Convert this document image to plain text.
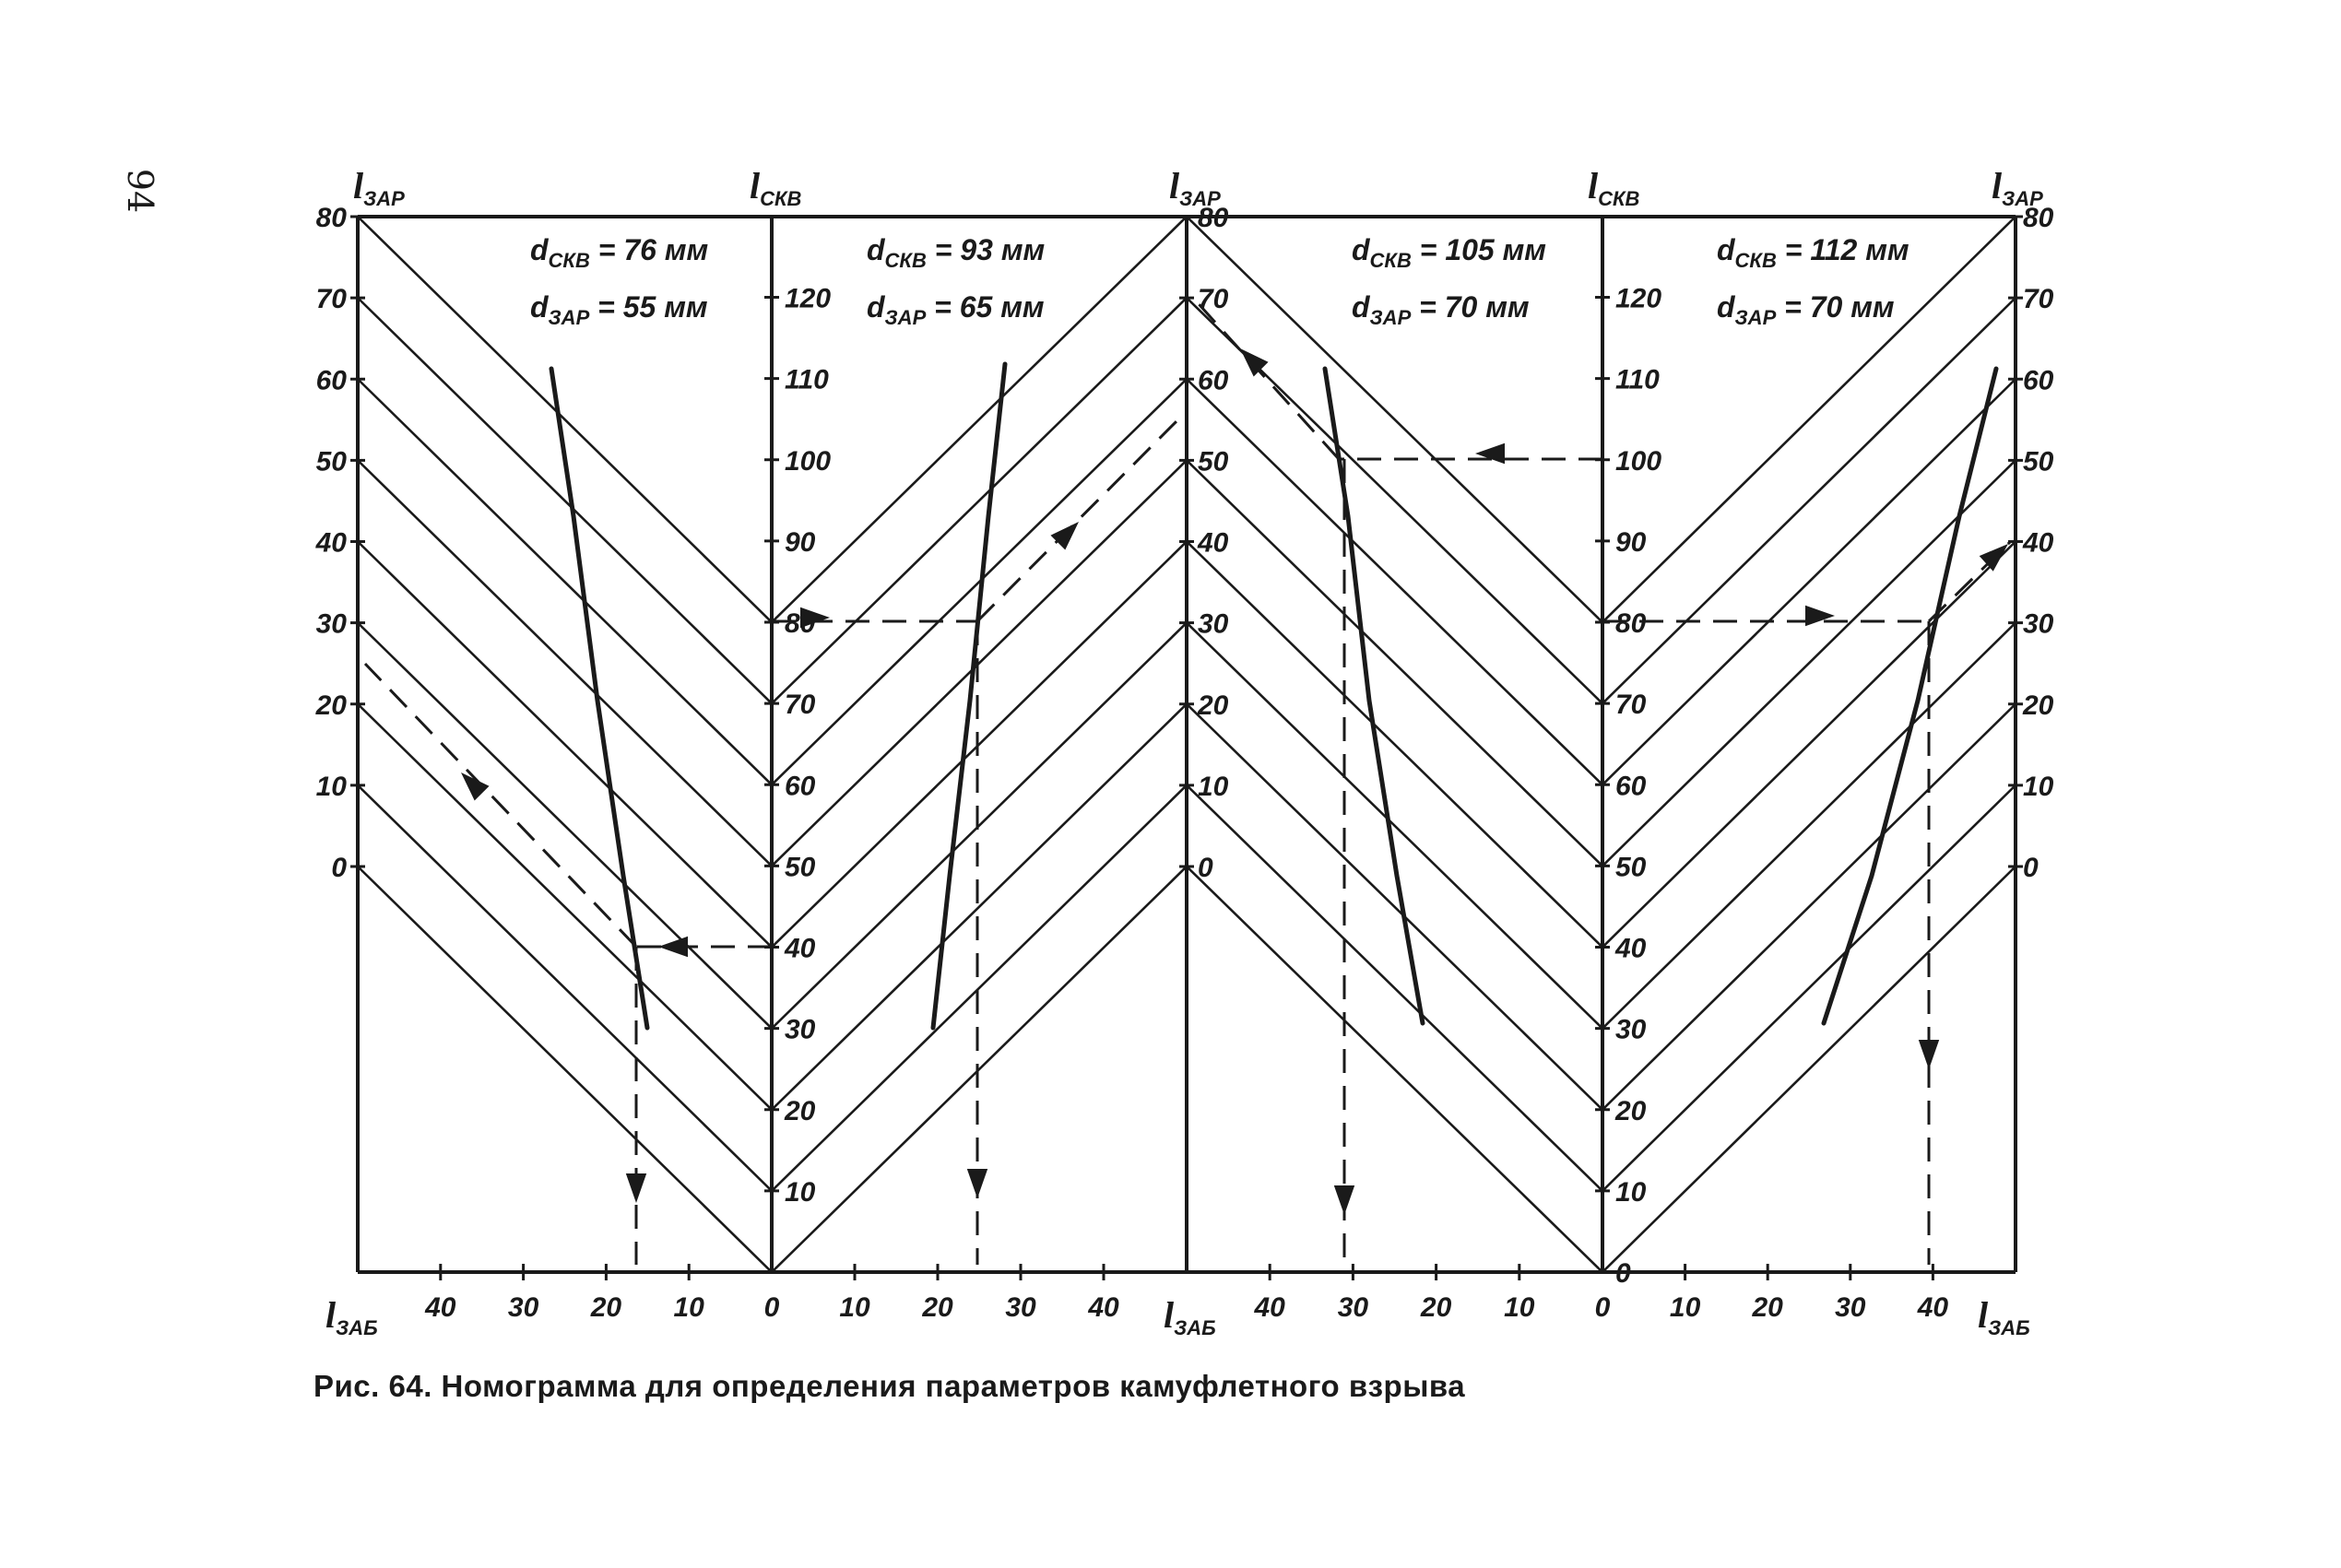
94	$l_{ЗАР}$	$l_{СКВ}$	$l_{ЗАР}$	$l_{СКВ}$	$l_{ЗАР}$
$l_{ЗАБ}$	$l_{ЗАБ}$	$l_{ЗАБ}$
80	80	80
70	70	70
60	60	60
50	50	50
40	40	40
30	30	30
20	20	20
10	10	10
0	0	0
120
110
100
90
80
70
60
50
40
30
20
10
120
110
100
90
80
70
60
50
40
30
20
10
0
40 30 20 10 0 10 20 30 40	40 30 20 10 0 10 20 30 40
$d_{СКВ} = 76$ мм
$d_{ЗАР} = 55$ мм
$d_{СКВ} = 93$ мм
$d_{ЗАР} = 65$ мм
$d_{СКВ} = 105$ мм
$d_{ЗАР} = 70$ мм
$d_{СКВ} = 112$ мм
$d_{ЗАР} = 70$ мм
Рис. 64. Номограмма для определения параметров камуфлетного взрыва
